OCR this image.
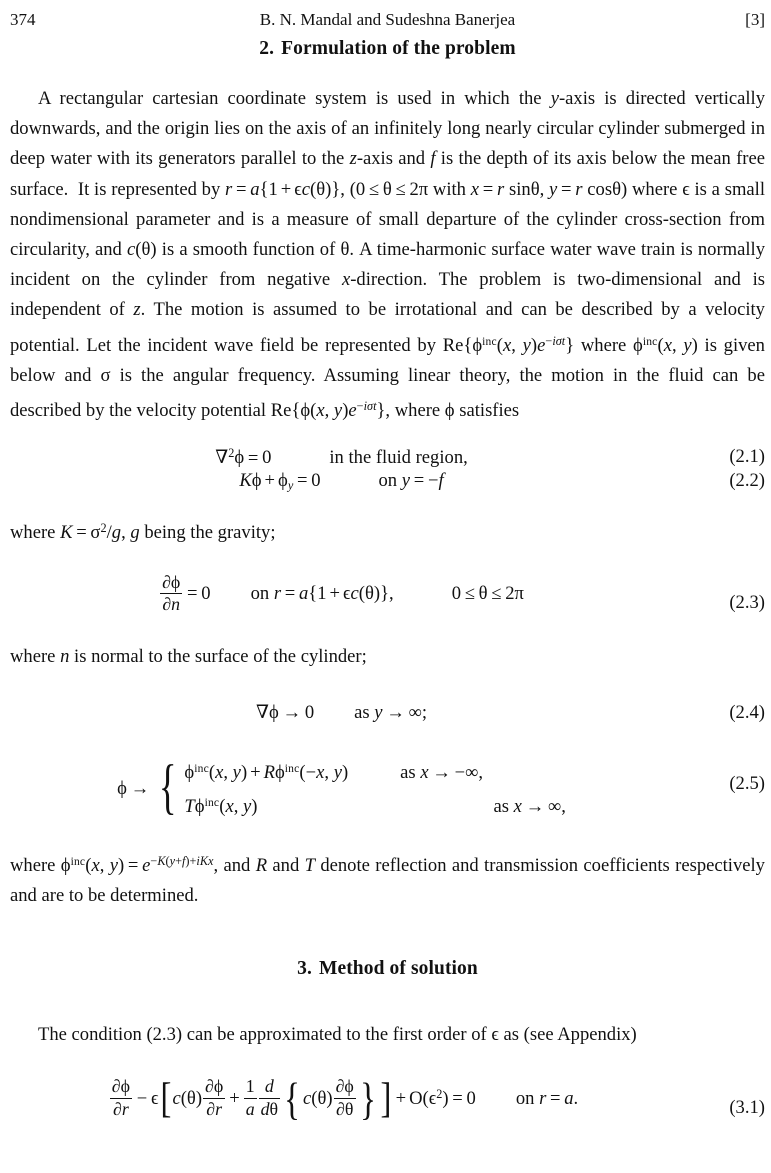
374	B. N. Mandal and Sudeshna Banerjea	[3]
2. Formulation of the problem

A rectangular cartesian coordinate system is used in which the y-axis is directed vertically downwards, and the origin lies on the axis of an infinitely long nearly circular cylinder submerged in deep water with its generators parallel to the z-axis and f is the depth of its axis below the mean free surface. It is represented by r = a{1 + ϵc(θ)}, (0 ≤ θ ≤ 2π with x = r sinθ, y = r cosθ) where ϵ is a small nondimensional parameter and is a measure of small departure of the cylinder cross-section from circularity, and c(θ) is a smooth function of θ. A time-harmonic surface water wave train is normally incident on the cylinder from negative x-direction. The problem is two-dimensional and is independent of z. The motion is assumed to be irrotational and can be described by a velocity potential. Let the incident wave field be represented by $Re\{\phi^{inc}(x$, $y)e^{-i\sigma t}$} where $\phi^{inc}(x$, y) is given below and σ is the angular frequency. Assuming linear theory, the motion in the fluid can be described by the velocity potential Re{ϕ(x, $y)e^{-i\sigma t}$}, where ϕ satisfies

∇$^2$ϕ = 0	in the fluid region,	(2.1)
$K\phi + \phi_y = 0$	on y = −f	(2.2)

where $K = \sigma^2/g$, g being the gravity;

$\frac{\partial\phi}{\partial n} = 0$ on r = a{1 + ϵc(θ)},	0 ≤ θ ≤ 2π	(2.3)

where n is normal to the surface of the cylinder;

∇ϕ → 0 as y → ∞;	(2.4)
ϕ → { $\phi^{inc}(x$, $y) + R\phi^{inc}(-x$, y)	as x → −∞,
$T\phi^{inc}(x$, y)	as x → ∞,
(2.5)

where $\phi^{inc}(x$, $y) = e^{-K(y+f)+iKx}$, and R and T denote reflection and transmission coefficients respectively and are to be determined.

3. Method of solution

The condition (2.3) can be approximated to the first order of ϵ as (see Appendix)

$\frac{\partial\phi}{\partial r} - \epsilon[c(\theta) \frac{\partial\phi}{\partial r} + \frac{1}{a} \frac{d}{d\theta}$ { $c(\theta) \frac{\partial\phi}{\partial\theta}$ } ] + $O(\epsilon^2) = 0$ on r = a.	(3.1)
